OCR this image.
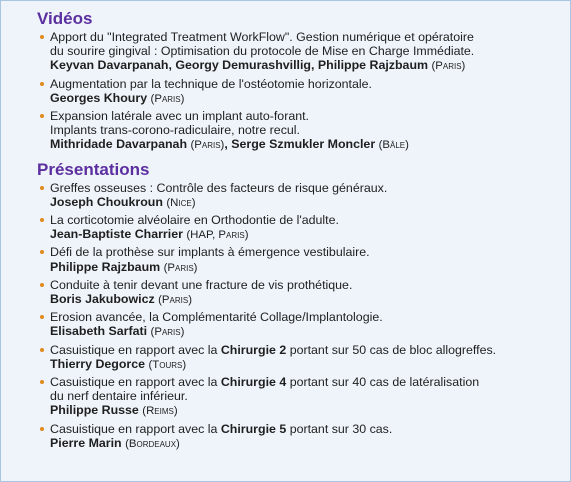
Vidéos
Apport du "Integrated Treatment WorkFlow". Gestion numérique et opératoire
du sourire gingival : Optimisation du protocole de Mise en Charge Immédiate.
Keyvan Davarpanah, Georgy Demurashvillig, Philippe Rajzbaum (Paris)
Augmentation par la technique de l'ostéotomie horizontale.
Georges Khoury (Paris)
Expansion latérale avec un implant auto-forant.
Implants trans-corono-radiculaire, notre recul.
Mithridade Davarpanah (Paris), Serge Szmukler Moncler (Bâle)
Présentations
Greffes osseuses : Contrôle des facteurs de risque généraux.
Joseph Choukroun (Nice)
La corticotomie alvéolaire en Orthodontie de l'adulte.
Jean-Baptiste Charrier (HAP, Paris)
Défi de la prothèse sur implants à émergence vestibulaire.
Philippe Rajzbaum (Paris)
Conduite à tenir devant une fracture de vis prothétique.
Boris Jakubowicz (Paris)
Erosion avancée, la Complémentarité Collage/Implantologie.
Elisabeth Sarfati (Paris)
Casuistique en rapport avec la Chirurgie 2 portant sur 50 cas de bloc allogreffes.
Thierry Degorce (Tours)
Casuistique en rapport avec la Chirurgie 4 portant sur 40 cas de latéralisation
du nerf dentaire inférieur.
Philippe Russe (Reims)
Casuistique en rapport avec la Chirurgie 5 portant sur 30 cas.
Pierre Marin (Bordeaux)
